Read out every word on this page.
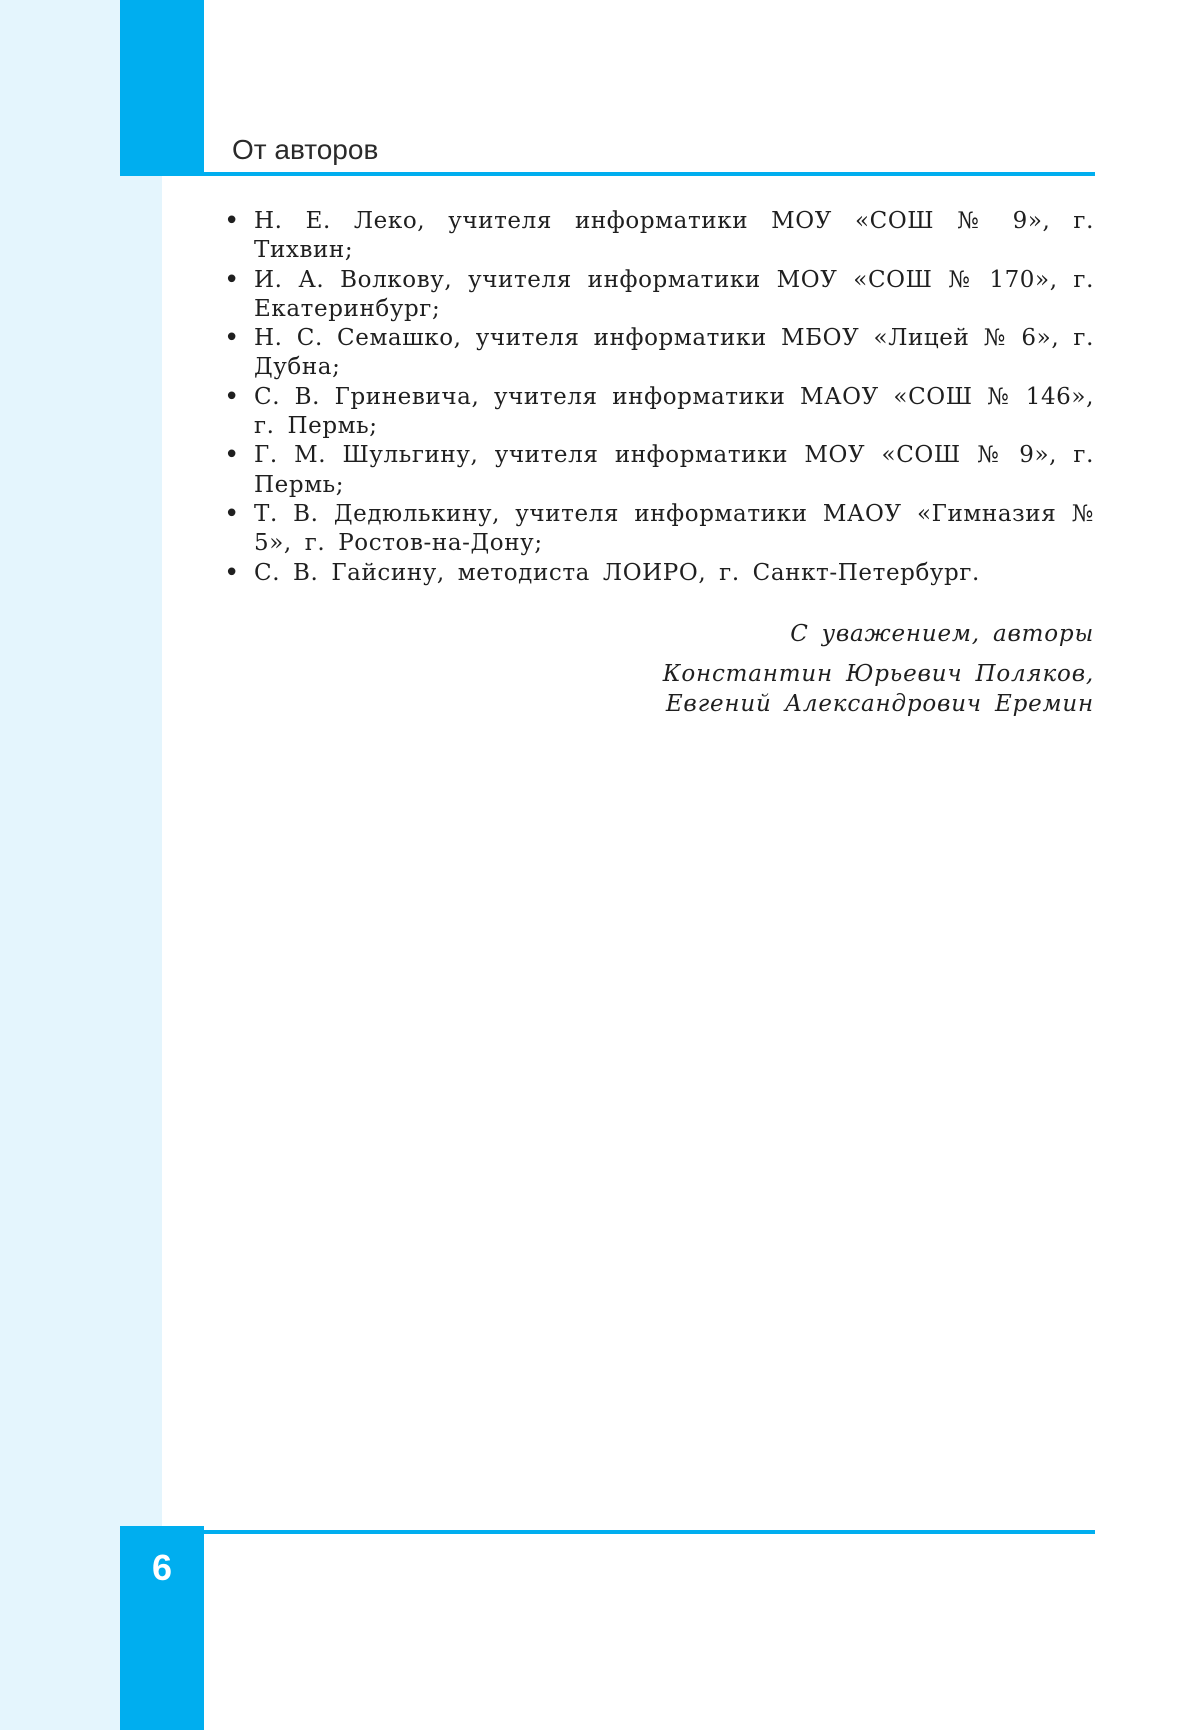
От авторов
• Н. Е. Леко, учителя информатики МОУ «СОШ № 9», г. Тихвин;
• И. А. Волкову, учителя информатики МОУ «СОШ № 170», г. Екатеринбург;
• Н. С. Семашко, учителя информатики МБОУ «Лицей № 6», г. Дубна;
• С. В. Гриневича, учителя информатики МАОУ «СОШ № 146», г. Пермь;
• Г. М. Шульгину, учителя информатики МОУ «СОШ № 9», г. Пермь;
• Т. В. Дедюлькину, учителя информатики МАОУ «Гимназия № 5», г. Ростов-на-Дону;
• С. В. Гайсину, методиста ЛОИРО, г. Санкт-Петербург.
С уважением, авторы
Константин Юрьевич Поляков,
Евгений Александрович Еремин
6
